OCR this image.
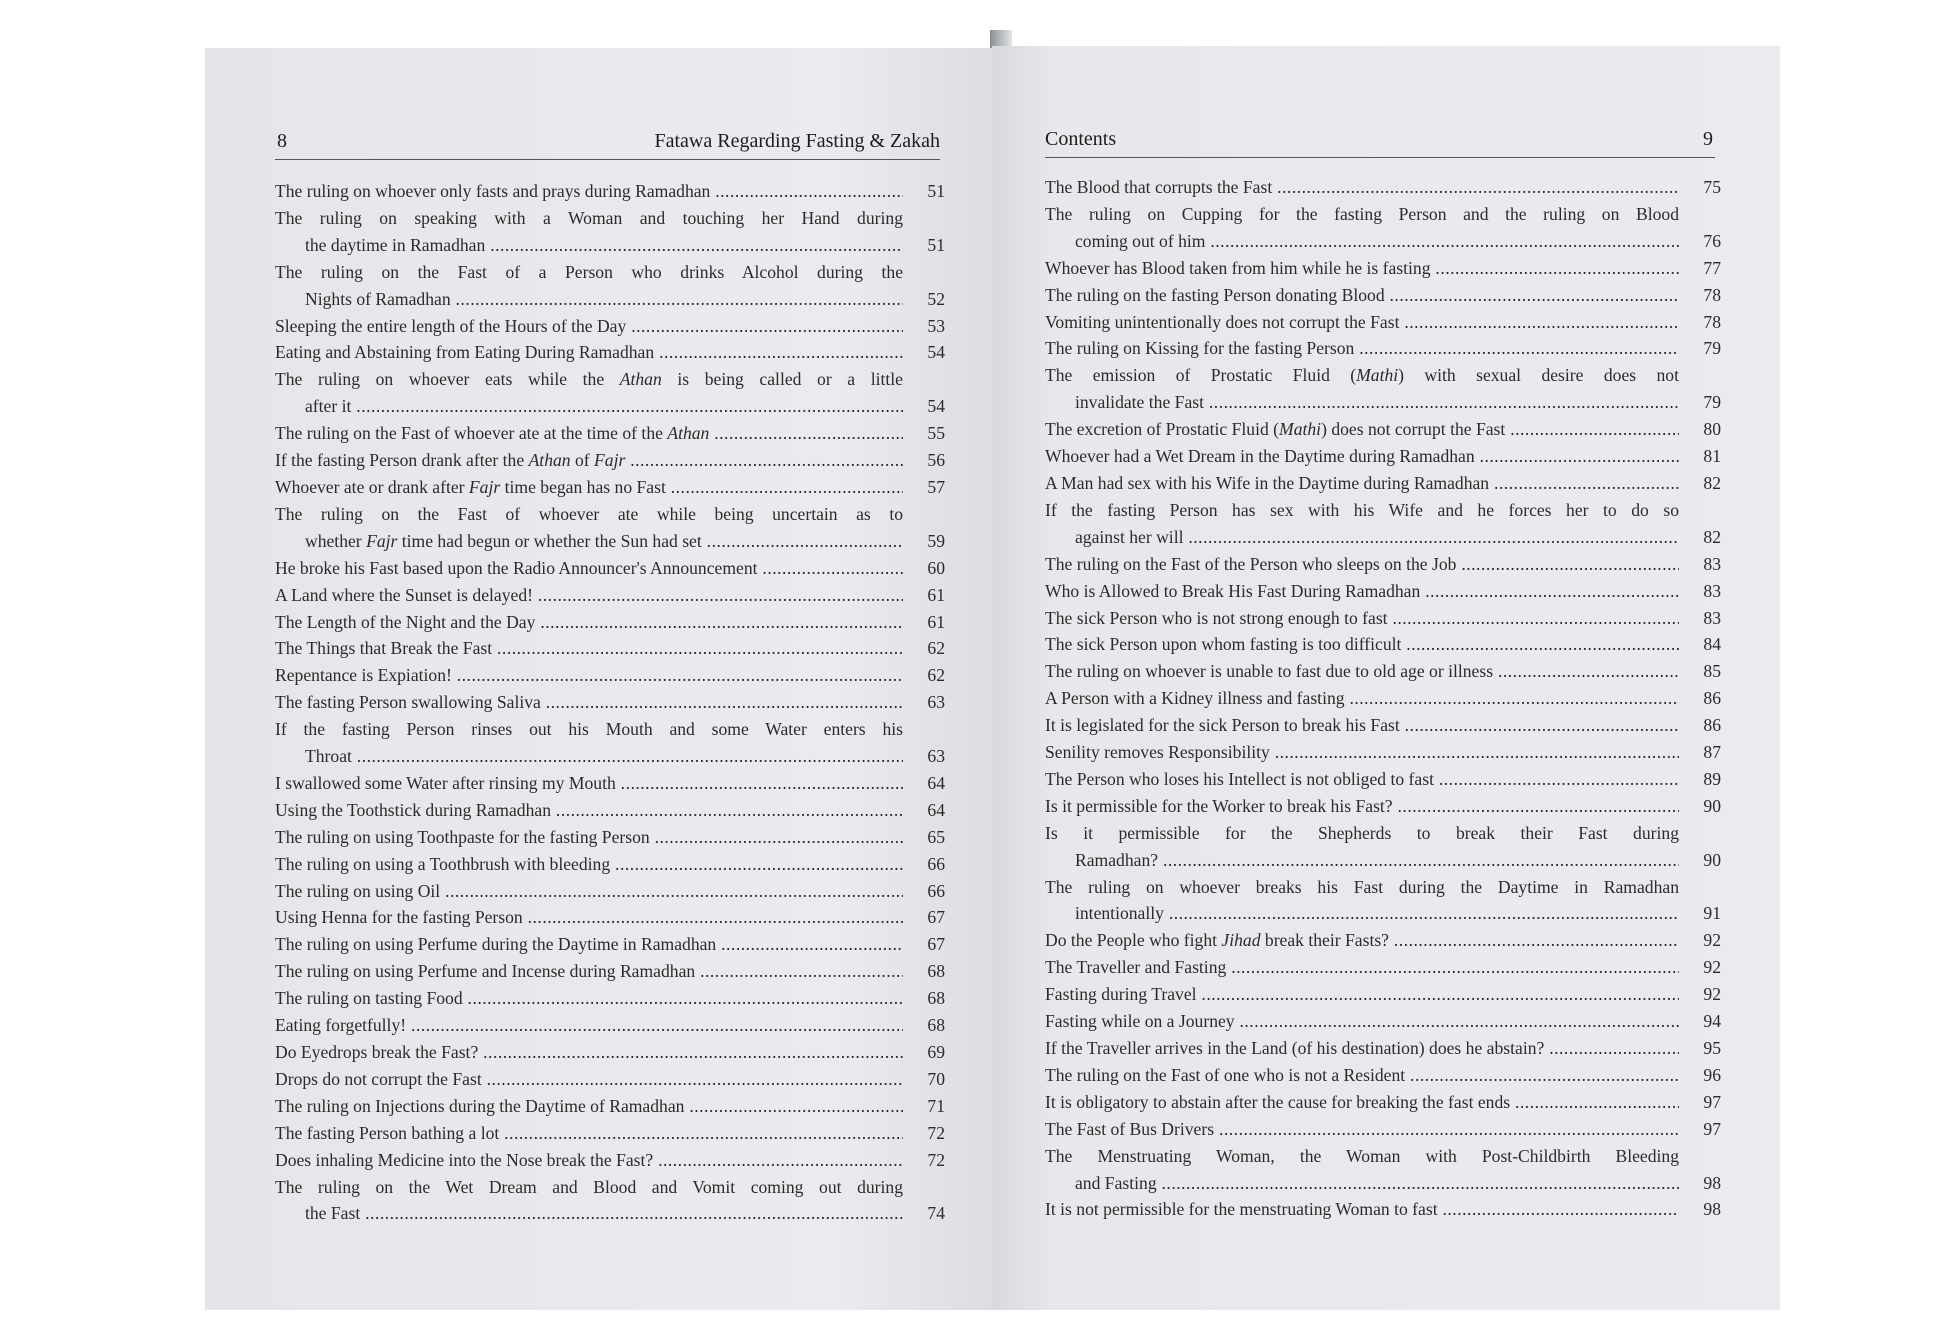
8	Fatawa Regarding Fasting & Zakah
The ruling on whoever only fasts and prays during Ramadhan .....	51
The ruling on speaking with a Woman and touching her Hand during
the daytime in Ramadhan .....	51
The ruling on the Fast of a Person who drinks Alcohol during the
Nights of Ramadhan .....	52
Sleeping the entire length of the Hours of the Day .....	53
Eating and Abstaining from Eating During Ramadhan .....	54
The ruling on whoever eats while the Athan is being called or a little
after it .....	54
The ruling on the Fast of whoever ate at the time of the Athan .....	55
If the fasting Person drank after the Athan of Fajr .....	56
Whoever ate or drank after Fajr time began has no Fast .....	57
The ruling on the Fast of whoever ate while being uncertain as to
whether Fajr time had begun or whether the Sun had set .....	59
He broke his Fast based upon the Radio Announcer's Announcement .....	60
A Land where the Sunset is delayed! .....	61
The Length of the Night and the Day .....	61
The Things that Break the Fast .....	62
Repentance is Expiation! .....	62
The fasting Person swallowing Saliva .....	63
If the fasting Person rinses out his Mouth and some Water enters his
Throat .....	63
I swallowed some Water after rinsing my Mouth .....	64
Using the Toothstick during Ramadhan .....	64
The ruling on using Toothpaste for the fasting Person .....	65
The ruling on using a Toothbrush with bleeding .....	66
The ruling on using Oil .....	66
Using Henna for the fasting Person .....	67
The ruling on using Perfume during the Daytime in Ramadhan .....	67
The ruling on using Perfume and Incense during Ramadhan .....	68
The ruling on tasting Food .....	68
Eating forgetfully! .....	68
Do Eyedrops break the Fast? .....	69
Drops do not corrupt the Fast .....	70
The ruling on Injections during the Daytime of Ramadhan .....	71
The fasting Person bathing a lot .....	72
Does inhaling Medicine into the Nose break the Fast? .....	72
The ruling on the Wet Dream and Blood and Vomit coming out during
the Fast .....	74
Contents	9
The Blood that corrupts the Fast .....	75
The ruling on Cupping for the fasting Person and the ruling on Blood
coming out of him .....	76
Whoever has Blood taken from him while he is fasting .....	77
The ruling on the fasting Person donating Blood .....	78
Vomiting unintentionally does not corrupt the Fast .....	78
The ruling on Kissing for the fasting Person .....	79
The emission of Prostatic Fluid (Mathi) with sexual desire does not
invalidate the Fast .....	79
The excretion of Prostatic Fluid (Mathi) does not corrupt the Fast .....	80
Whoever had a Wet Dream in the Daytime during Ramadhan .....	81
A Man had sex with his Wife in the Daytime during Ramadhan .....	82
If the fasting Person has sex with his Wife and he forces her to do so
against her will .....	82
The ruling on the Fast of the Person who sleeps on the Job .....	83
Who is Allowed to Break His Fast During Ramadhan .....	83
The sick Person who is not strong enough to fast .....	83
The sick Person upon whom fasting is too difficult .....	84
The ruling on whoever is unable to fast due to old age or illness .....	85
A Person with a Kidney illness and fasting .....	86
It is legislated for the sick Person to break his Fast .....	86
Senility removes Responsibility .....	87
The Person who loses his Intellect is not obliged to fast .....	89
Is it permissible for the Worker to break his Fast? .....	90
Is it permissible for the Shepherds to break their Fast during
Ramadhan? .....	90
The ruling on whoever breaks his Fast during the Daytime in Ramadhan
intentionally .....	91
Do the People who fight Jihad break their Fasts? .....	92
The Traveller and Fasting .....	92
Fasting during Travel .....	92
Fasting while on a Journey .....	94
If the Traveller arrives in the Land (of his destination) does he abstain? .....	95
The ruling on the Fast of one who is not a Resident .....	96
It is obligatory to abstain after the cause for breaking the fast ends .....	97
The Fast of Bus Drivers .....	97
The Menstruating Woman, the Woman with Post-Childbirth Bleeding
and Fasting .....	98
It is not permissible for the menstruating Woman to fast .....	98
